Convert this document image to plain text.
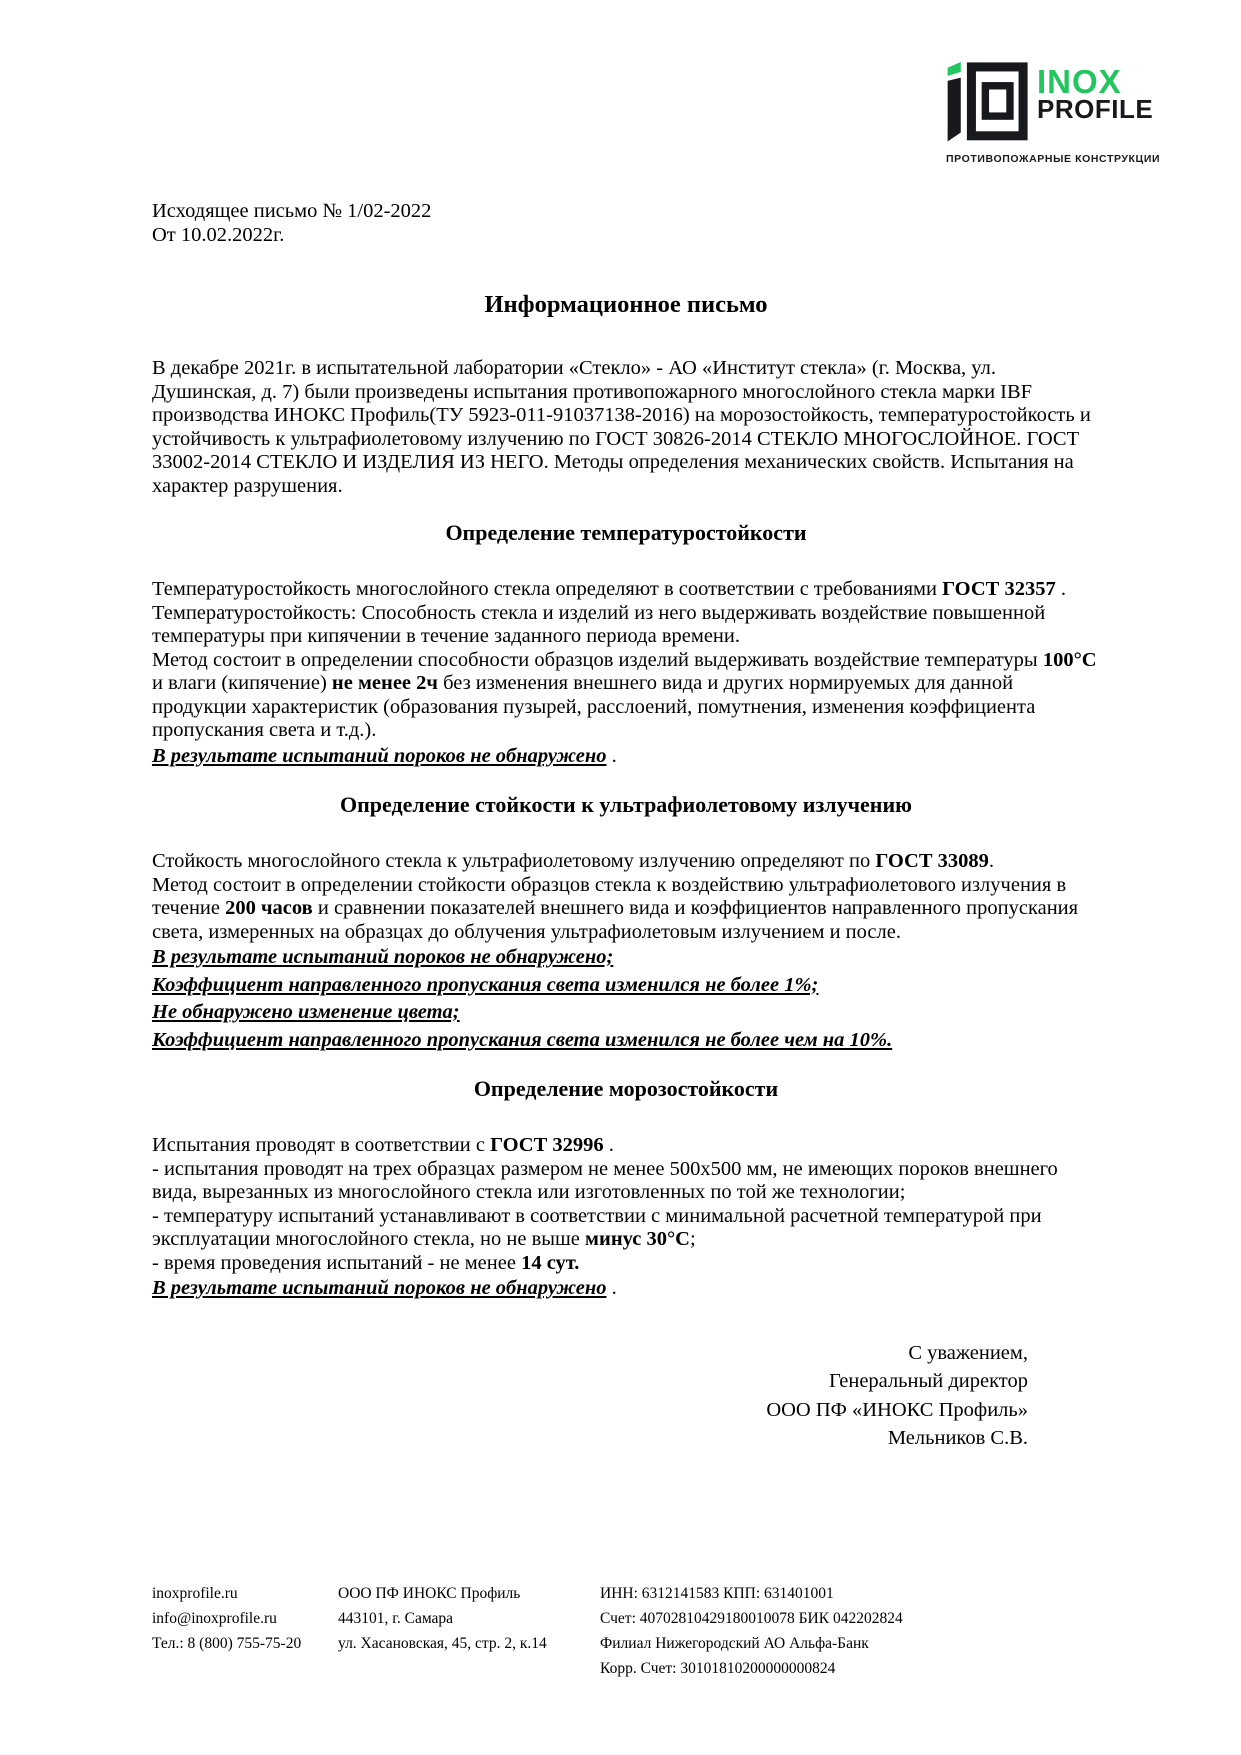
INOX
PROFILE
ПРОТИВОПОЖАРНЫЕ КОНСТРУКЦИИ
Исходящее письмо № 1/02-2022
От 10.02.2022г.
Информационное письмо
В декабре 2021г. в испытательной лаборатории «Стекло» - АО «Институт стекла» (г. Москва, ул. Душинская, д. 7) были произведены испытания противопожарного многослойного стекла марки IBF производства ИНОКС Профиль(ТУ 5923-011-91037138-2016) на морозостойкость, температуростойкость и устойчивость к ультрафиолетовому излучению по ГОСТ 30826-2014 СТЕКЛО МНОГОСЛОЙНОЕ. ГОСТ 33002-2014 СТЕКЛО И ИЗДЕЛИЯ ИЗ НЕГО. Методы определения механических свойств. Испытания на характер разрушения.
Определение температуростойкости
Температуростойкость многослойного стекла определяют в соответствии с требованиями ГОСТ 32357 .
Температуростойкость: Способность стекла и изделий из него выдерживать воздействие повышенной температуры при кипячении в течение заданного периода времени.
Метод состоит в определении способности образцов изделий выдерживать воздействие температуры 100°С и влаги (кипячение) не менее 2ч без изменения внешнего вида и других нормируемых для данной продукции характеристик (образования пузырей, расслоений, помутнения, изменения коэффициента пропускания света и т.д.).
В результате испытаний пороков не обнаружено .
Определение стойкости к ультрафиолетовому излучению
Стойкость многослойного стекла к ультрафиолетовому излучению определяют по ГОСТ 33089.
Метод состоит в определении стойкости образцов стекла к воздействию ультрафиолетового излучения в течение 200 часов и сравнении показателей внешнего вида и коэффициентов направленного пропускания света, измеренных на образцах до облучения ультрафиолетовым излучением и после.
В результате испытаний пороков не обнаружено;
Коэффициент направленного пропускания света изменился не более 1%;
Не обнаружено изменение цвета;
Коэффициент направленного пропускания света изменился не более чем на 10%.
Определение морозостойкости
Испытания проводят в соответствии с ГОСТ 32996 .
- испытания проводят на трех образцах размером не менее 500х500 мм, не имеющих пороков внешнего вида, вырезанных из многослойного стекла или изготовленных по той же технологии;
- температуру испытаний устанавливают в соответствии с минимальной расчетной температурой при эксплуатации многослойного стекла, но не выше минус 30°С;
- время проведения испытаний - не менее 14 сут.
В результате испытаний пороков не обнаружено .
С уважением,
Генеральный директор
ООО ПФ «ИНОКС Профиль»
Мельников С.В.
inoxprofile.ru
info@inoxprofile.ru
Тел.: 8 (800) 755-75-20
ООО ПФ ИНОКС Профиль
443101, г. Самара
ул. Хасановская, 45, стр. 2, к.14
ИНН: 6312141583 КПП: 631401001
Счет: 40702810429180010078 БИК 042202824
Филиал Нижегородский АО Альфа-Банк
Корр. Счет: 30101810200000000824
